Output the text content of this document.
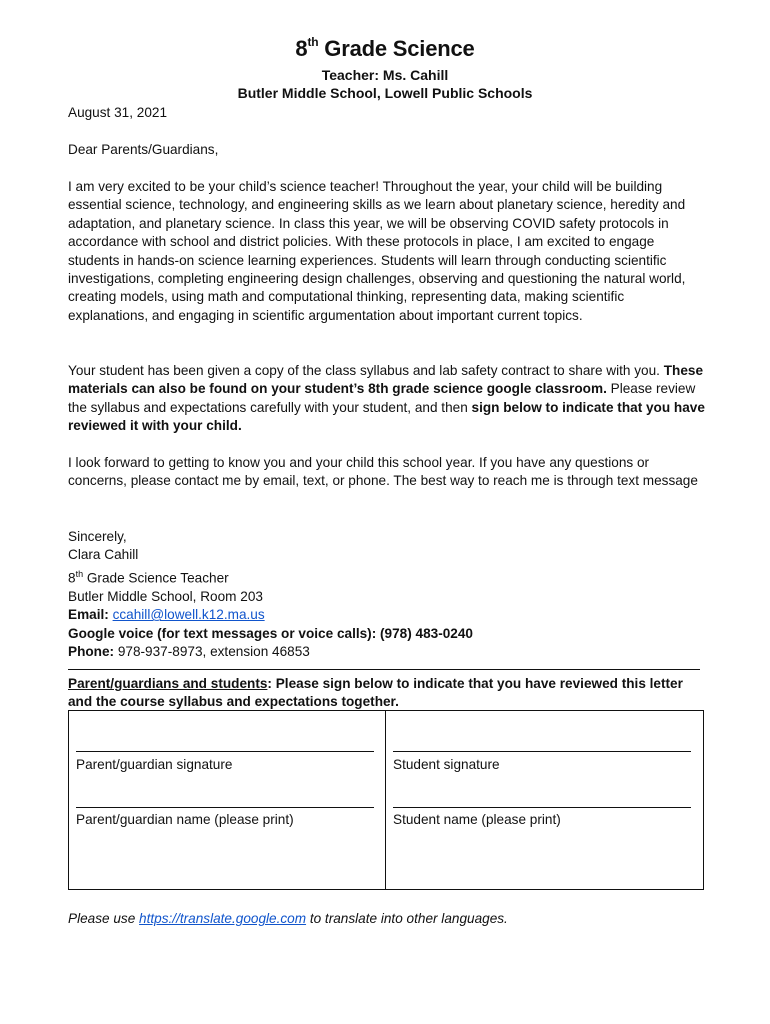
8th Grade Science
Teacher: Ms. Cahill
Butler Middle School, Lowell Public Schools

August 31, 2021

Dear Parents/Guardians,

I am very excited to be your child’s science teacher! Throughout the year, your child will be building essential science, technology, and engineering skills as we learn about planetary science, heredity and adaptation, and planetary science. In class this year, we will be observing COVID safety protocols in accordance with school and district policies. With these protocols in place, I am excited to engage students in hands-on science learning experiences. Students will learn through conducting scientific investigations, completing engineering design challenges, observing and questioning the natural world, creating models, using math and computational thinking, representing data, making scientific explanations, and engaging in scientific argumentation about important current topics.

Your student has been given a copy of the class syllabus and lab safety contract to share with you. These materials can also be found on your student’s 8th grade science google classroom. Please review the syllabus and expectations carefully with your student, and then sign below to indicate that you have reviewed it with your child.

I look forward to getting to know you and your child this school year. If you have any questions or concerns, please contact me by email, text, or phone. The best way to reach me is through text message

Sincerely,
Clara Cahill
8th Grade Science Teacher
Butler Middle School, Room 203
Email: ccahill@lowell.k12.ma.us
Google voice (for text messages or voice calls): (978) 483-0240
Phone: 978-937-8973, extension 46853

Parent/guardians and students: Please sign below to indicate that you have reviewed this letter and the course syllabus and expectations together.

Parent/guardian signature
Parent/guardian name (please print)
Student signature
Student name (please print)

Please use https://translate.google.com to translate into other languages.
